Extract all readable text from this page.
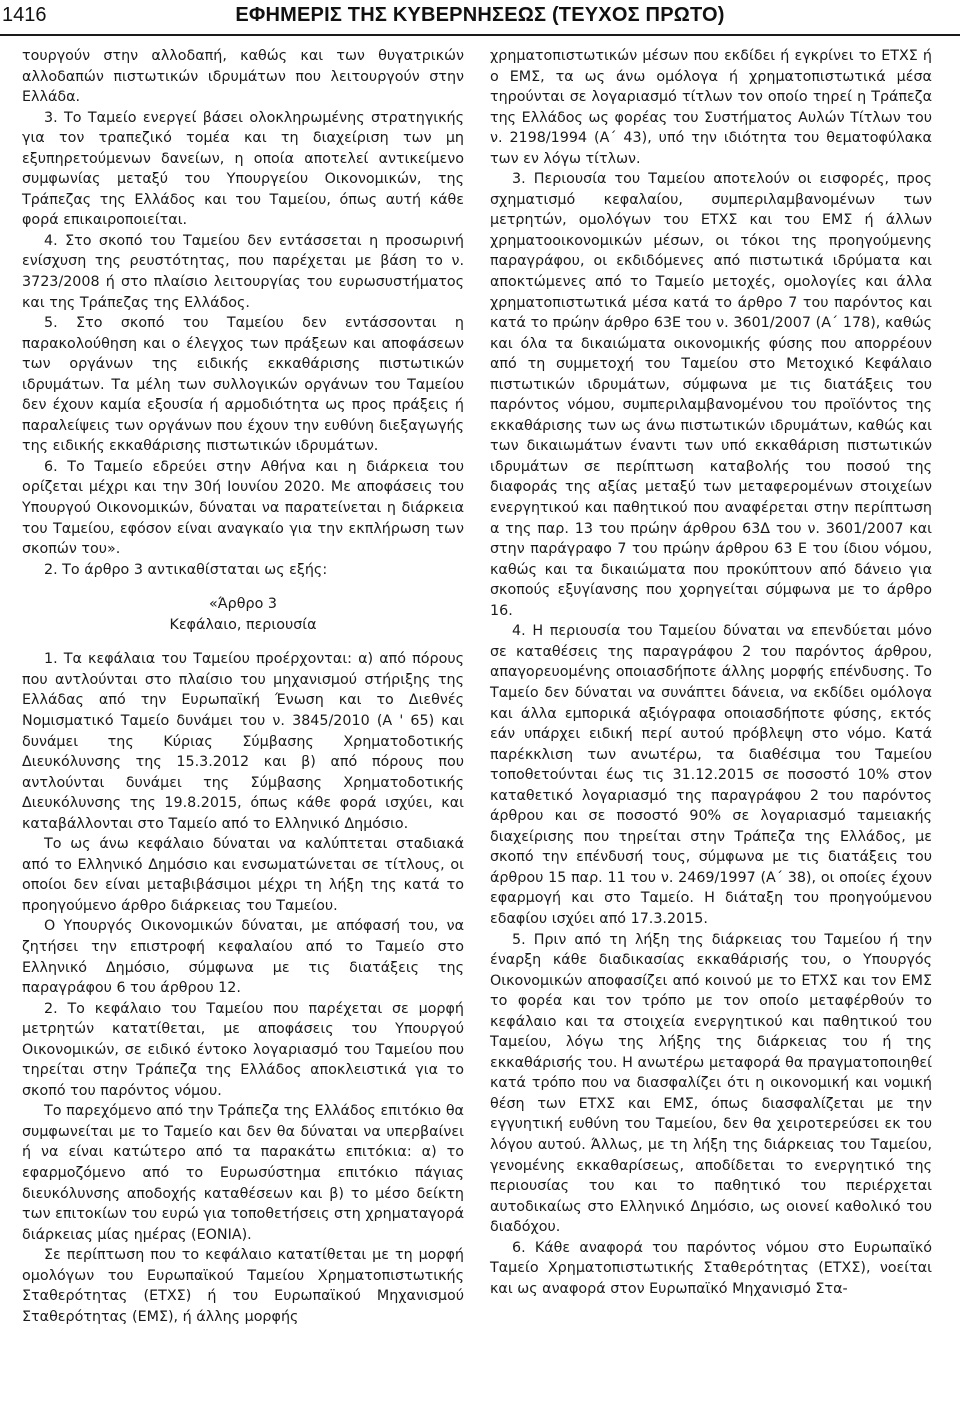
1416	ΕΦΗΜΕΡΙΣ ΤΗΣ ΚΥΒΕΡΝΗΣΕΩΣ (ΤΕΥΧΟΣ ΠΡΩΤΟ)

τουργούν στην αλλοδαπή, καθώς και των θυγατρικών αλλοδαπών πιστωτικών ιδρυμάτων που λειτουργούν στην Ελλάδα.

3. Το Ταμείο ενεργεί βάσει ολοκληρωμένης στρατηγικής για τον τραπεζικό τομέα και τη διαχείριση των μη εξυπηρετούμενων δανείων, η οποία αποτελεί αντικείμενο συμφωνίας μεταξύ του Υπουργείου Οικονομικών, της Τράπεζας της Ελλάδος και του Ταμείου, όπως αυτή κάθε φορά επικαιροποιείται.

4. Στο σκοπό του Ταμείου δεν εντάσσεται η προσωρινή ενίσχυση της ρευστότητας, που παρέχεται με βάση το ν. 3723/2008 ή στο πλαίσιο λειτουργίας του ευρωσυστήματος και της Τράπεζας της Ελλάδος.

5. Στο σκοπό του Ταμείου δεν εντάσσονται η παρακολούθηση και ο έλεγχος των πράξεων και αποφάσεων των οργάνων της ειδικής εκκαθάρισης πιστωτικών ιδρυμάτων. Τα μέλη των συλλογικών οργάνων του Ταμείου δεν έχουν καμία εξουσία ή αρμοδιότητα ως προς πράξεις ή παραλείψεις των οργάνων που έχουν την ευθύνη διεξαγωγής της ειδικής εκκαθάρισης πιστωτικών ιδρυμάτων.

6. Το Ταμείο εδρεύει στην Αθήνα και η διάρκεια του ορίζεται μέχρι και την 30ή Ιουνίου 2020. Με αποφάσεις του Υπουργού Οικονομικών, δύναται να παρατείνεται η διάρκεια του Ταμείου, εφόσον είναι αναγκαίο για την εκπλήρωση των σκοπών του».

2. Το άρθρο 3 αντικαθίσταται ως εξής:

«Άρθρο 3

Κεφάλαιο, περιουσία

1. Τα κεφάλαια του Ταμείου προέρχονται: α) από πόρους που αντλούνται στο πλαίσιο του μηχανισμού στήριξης της Ελλάδας από την Ευρωπαϊκή Ένωση και το Διεθνές Νομισματικό Ταμείο δυνάμει του ν. 3845/2010 (Α ' 65) και δυνάμει της Κύριας Σύμβασης Χρηματοδοτικής Διευκόλυνσης της 15.3.2012 και β) από πόρους που αντλούνται δυνάμει της Σύμβασης Χρηματοδοτικής Διευκόλυνσης της 19.8.2015, όπως κάθε φορά ισχύει, και καταβάλλονται στο Ταμείο από το Ελληνικό Δημόσιο.

Το ως άνω κεφάλαιο δύναται να καλύπτεται σταδιακά από το Ελληνικό Δημόσιο και ενσωματώνεται σε τίτλους, οι οποίοι δεν είναι μεταβιβάσιμοι μέχρι τη λήξη της κατά το προηγούμενο άρθρο διάρκειας του Ταμείου.

Ο Υπουργός Οικονομικών δύναται, με απόφασή του, να ζητήσει την επιστροφή κεφαλαίου από το Ταμείο στο Ελληνικό Δημόσιο, σύμφωνα με τις διατάξεις της παραγράφου 6 του άρθρου 12.

2. Το κεφάλαιο του Ταμείου που παρέχεται σε μορφή μετρητών κατατίθεται, με αποφάσεις του Υπουργού Οικονομικών, σε ειδικό έντοκο λογαριασμό του Ταμείου που τηρείται στην Τράπεζα της Ελλάδος αποκλειστικά για το σκοπό του παρόντος νόμου.

Το παρεχόμενο από την Τράπεζα της Ελλάδος επιτόκιο θα συμφωνείται με το Ταμείο και δεν θα δύναται να υπερβαίνει ή να είναι κατώτερο από τα παρακάτω επιτόκια: α) το εφαρμοζόμενο από το Ευρωσύστημα επιτόκιο πάγιας διευκόλυνσης αποδοχής καταθέσεων και β) το μέσο δείκτη των επιτοκίων του ευρώ για τοποθετήσεις στη χρηματαγορά διάρκειας μίας ημέρας (ΕΟΝΙΑ).

Σε περίπτωση που το κεφάλαιο κατατίθεται με τη μορφή ομολόγων του Ευρωπαϊκού Ταμείου Χρηματοπιστωτικής Σταθερότητας (ΕΤΧΣ) ή του Ευρωπαϊκού Μηχανισμού Σταθερότητας (ΕΜΣ), ή άλλης μορφής

χρηματοπιστωτικών μέσων που εκδίδει ή εγκρίνει το ΕΤΧΣ ή ο ΕΜΣ, τα ως άνω ομόλογα ή χρηματοπιστωτικά μέσα τηρούνται σε λογαριασμό τίτλων τον οποίο τηρεί η Τράπεζα της Ελλάδος ως φορέας του Συστήματος Αυλών Τίτλων του ν. 2198/1994 (Α΄ 43), υπό την ιδιότητα του θεματοφύλακα των εν λόγω τίτλων.

3. Περιουσία του Ταμείου αποτελούν οι εισφορές, προς σχηματισμό κεφαλαίου, συμπεριλαμβανομένων των μετρητών, ομολόγων του ΕΤΧΣ και του ΕΜΣ ή άλλων χρηματοοικονομικών μέσων, οι τόκοι της προηγούμενης παραγράφου, οι εκδιδόμενες από πιστωτικά ιδρύματα και αποκτώμενες από το Ταμείο μετοχές, ομολογίες και άλλα χρηματοπιστωτικά μέσα κατά το άρθρο 7 του παρόντος και κατά το πρώην άρθρο 63Ε του ν. 3601/2007 (Α΄ 178), καθώς και όλα τα δικαιώματα οικονομικής φύσης που απορρέουν από τη συμμετοχή του Ταμείου στο Μετοχικό Κεφάλαιο πιστωτικών ιδρυμάτων, σύμφωνα με τις διατάξεις του παρόντος νόμου, συμπεριλαμβανομένου του προϊόντος της εκκαθάρισης των ως άνω πιστωτικών ιδρυμάτων, καθώς και των δικαιωμάτων έναντι των υπό εκκαθάριση πιστωτικών ιδρυμάτων σε περίπτωση καταβολής του ποσού της διαφοράς της αξίας μεταξύ των μεταφερομένων στοιχείων ενεργητικού και παθητικού που αναφέρεται στην περίπτωση α της παρ. 13 του πρώην άρθρου 63Δ του ν. 3601/2007 και στην παράγραφο 7 του πρώην άρθρου 63 Ε του ίδιου νόμου, καθώς και τα δικαιώματα που προκύπτουν από δάνειο για σκοπούς εξυγίανσης που χορηγείται σύμφωνα με το άρθρο 16.

4. Η περιουσία του Ταμείου δύναται να επενδύεται μόνο σε καταθέσεις της παραγράφου 2 του παρόντος άρθρου, απαγορευομένης οποιασδήποτε άλλης μορφής επένδυσης. Το Ταμείο δεν δύναται να συνάπτει δάνεια, να εκδίδει ομόλογα και άλλα εμπορικά αξιόγραφα οποιασδήποτε φύσης, εκτός εάν υπάρχει ειδική περί αυτού πρόβλεψη στο νόμο. Κατά παρέκκλιση των ανωτέρω, τα διαθέσιμα του Ταμείου τοποθετούνται έως τις 31.12.2015 σε ποσοστό 10% στον καταθετικό λογαριασμό της παραγράφου 2 του παρόντος άρθρου και σε ποσοστό 90% σε λογαριασμό ταμειακής διαχείρισης που τηρείται στην Τράπεζα της Ελλάδος, με σκοπό την επένδυσή τους, σύμφωνα με τις διατάξεις του άρθρου 15 παρ. 11 του ν. 2469/1997 (Α΄ 38), οι οποίες έχουν εφαρμογή και στο Ταμείο. Η διάταξη του προηγούμενου εδαφίου ισχύει από 17.3.2015.

5. Πριν από τη λήξη της διάρκειας του Ταμείου ή την έναρξη κάθε διαδικασίας εκκαθάρισής του, ο Υπουργός Οικονομικών αποφασίζει από κοινού με το ΕΤΧΣ και τον ΕΜΣ το φορέα και τον τρόπο με τον οποίο μεταφέρθούν το κεφάλαιο και τα στοιχεία ενεργητικού και παθητικού του Ταμείου, λόγω της λήξης της διάρκειας του ή της εκκαθάρισής του. Η ανωτέρω μεταφορά θα πραγματοποιηθεί κατά τρόπο που να διασφαλίζει ότι η οικονομική και νομική θέση των ΕΤΧΣ και ΕΜΣ, όπως διασφαλίζεται με την εγγυητική ευθύνη του Ταμείου, δεν θα χειροτερεύσει εκ του λόγου αυτού. Άλλως, με τη λήξη της διάρκειας του Ταμείου, γενομένης εκκαθαρίσεως, αποδίδεται το ενεργητικό της περιουσίας του και το παθητικό του περιέρχεται αυτοδικαίως στο Ελληνικό Δημόσιο, ως οιονεί καθολικό του διαδόχου.

6. Κάθε αναφορά του παρόντος νόμου στο Ευρωπαϊκό Ταμείο Χρηματοπιστωτικής Σταθερότητας (ΕΤΧΣ), νοείται και ως αναφορά στον Ευρωπαϊκό Μηχανισμό Στα-
